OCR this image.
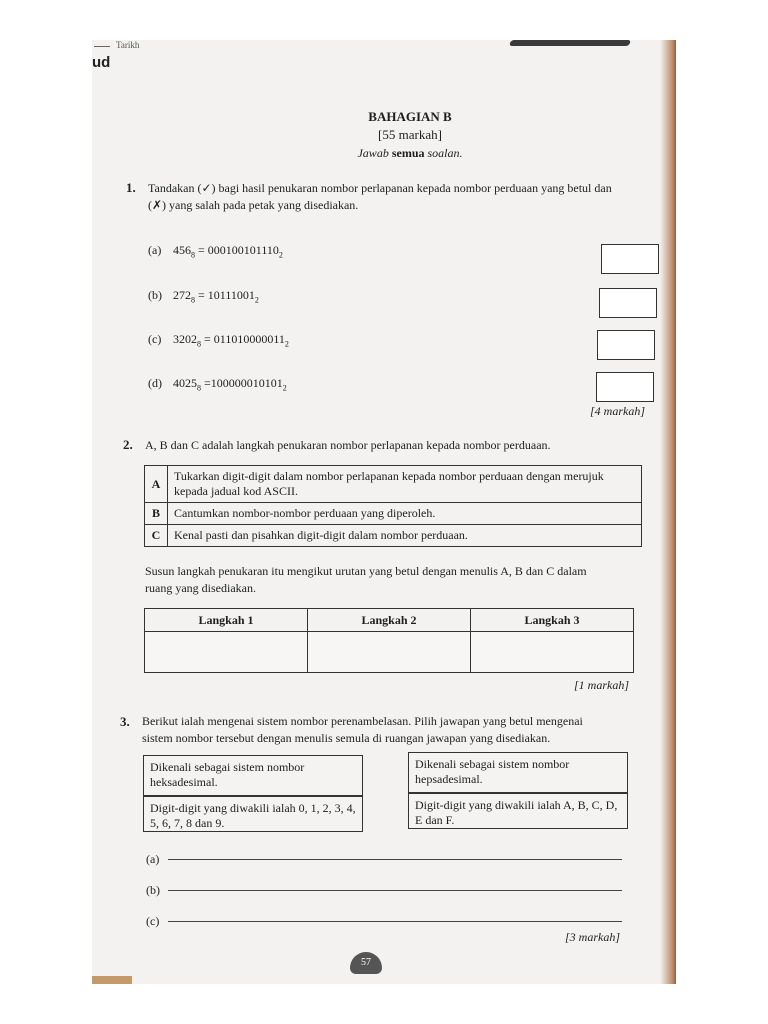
Tarikh
ud
BAHAGIAN B
[55 markah]
Jawab semua soalan.
1. Tandakan (✓) bagi hasil penukaran nombor perlapanan kepada nombor perduaan yang betul dan
(✗) yang salah pada petak yang disediakan.
(a) $456_8 = 000100101110_2$
(b) $272_8 = 10111001_2$
(c) $3202_8 = 011010000011_2$
(d) $4025_8 =100000010101_2$
[4 markah]
2. A, B dan C adalah langkah penukaran nombor perlapanan kepada nombor perduaan.
A	Tukarkan digit-digit dalam nombor perlapanan kepada nombor perduaan dengan merujuk kepada jadual kod ASCII.
B	Cantumkan nombor-nombor perduaan yang diperoleh.
C	Kenal pasti dan pisahkan digit-digit dalam nombor perduaan.
Susun langkah penukaran itu mengikut urutan yang betul dengan menulis A, B dan C dalam
ruang yang disediakan.
Langkah 1	Langkah 2	Langkah 3

[1 markah]
3. Berikut ialah mengenai sistem nombor perenambelasan. Pilih jawapan yang betul mengenai
sistem nombor tersebut dengan menulis semula di ruangan jawapan yang disediakan.
Dikenali sebagai sistem nombor heksadesimal.
Dikenali sebagai sistem nombor hepsadesimal.
Digit-digit yang diwakili ialah 0, 1, 2, 3, 4, 5, 6, 7, 8 dan 9.
Digit-digit yang diwakili ialah A, B, C, D, E dan F.
(a)
(b)
(c)
[3 markah]
57
